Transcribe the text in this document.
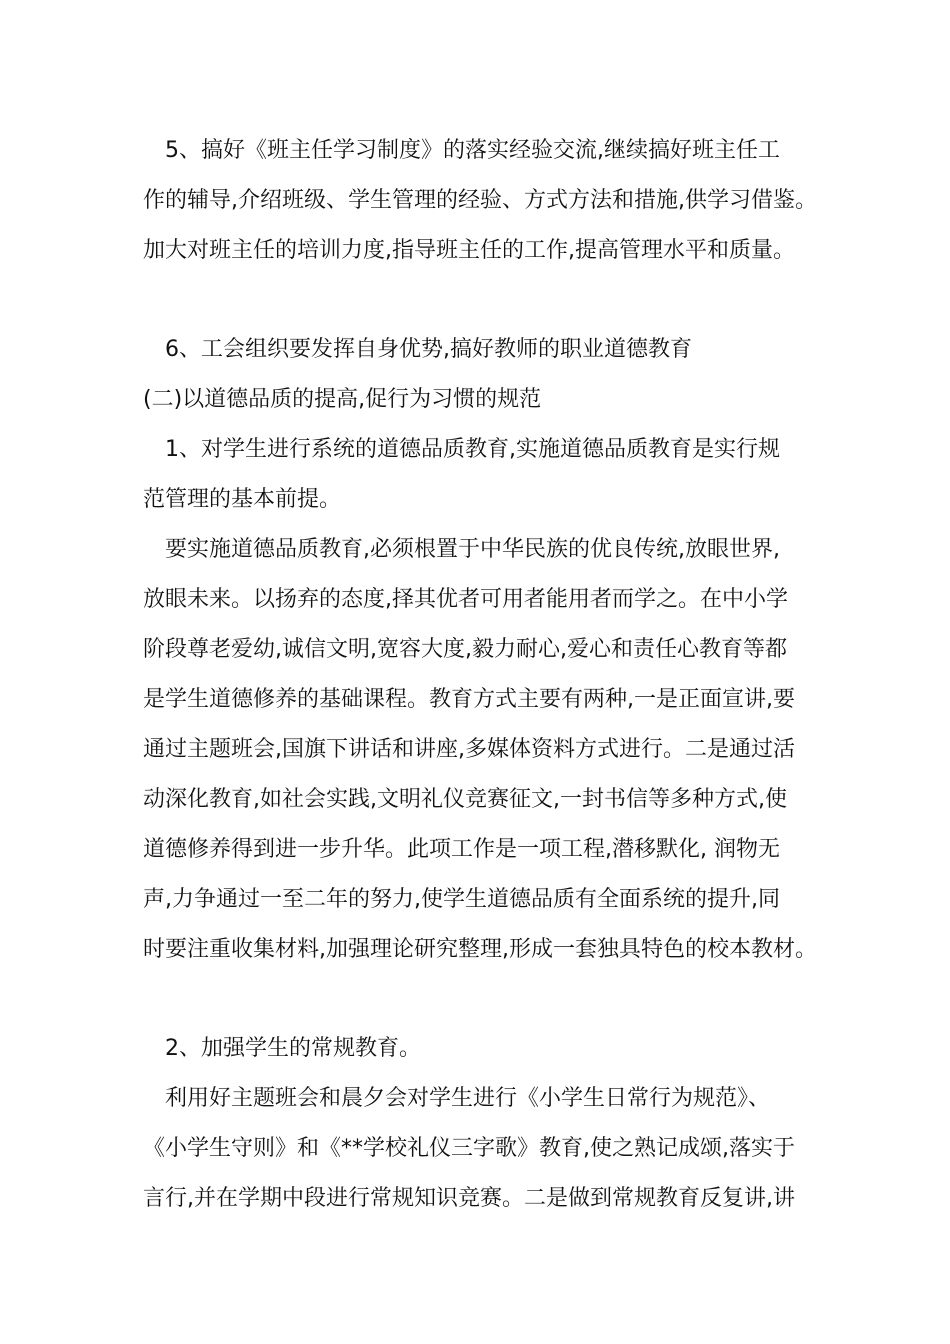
　5、搞好《班主任学习制度》的落实经验交流,继续搞好班主任工
作的辅导,介绍班级、学生管理的经验、方式方法和措施,供学习借鉴。
加大对班主任的培训力度,指导班主任的工作,提高管理水平和质量。
　6、工会组织要发挥自身优势,搞好教师的职业道德教育
(二)以道德品质的提高,促行为习惯的规范
　1、对学生进行系统的道德品质教育,实施道德品质教育是实行规
范管理的基本前提。
　要实施道德品质教育,必须根置于中华民族的优良传统,放眼世界,
放眼未来。以扬弃的态度,择其优者可用者能用者而学之。在中小学
阶段尊老爱幼,诚信文明,宽容大度,毅力耐心,爱心和责任心教育等都
是学生道德修养的基础课程。教育方式主要有两种,一是正面宣讲,要
通过主题班会,国旗下讲话和讲座,多媒体资料方式进行。二是通过活
动深化教育,如社会实践,文明礼仪竞赛征文,一封书信等多种方式,使
道德修养得到进一步升华。此项工作是一项工程,潜移默化, 润物无
声,力争通过一至二年的努力,使学生道德品质有全面系统的提升,同
时要注重收集材料,加强理论研究整理,形成一套独具特色的校本教材。
　2、加强学生的常规教育。
　利用好主题班会和晨夕会对学生进行《小学生日常行为规范》、
《小学生守则》和《**学校礼仪三字歌》教育,使之熟记成颂,落实于
言行,并在学期中段进行常规知识竞赛。二是做到常规教育反复讲,讲
